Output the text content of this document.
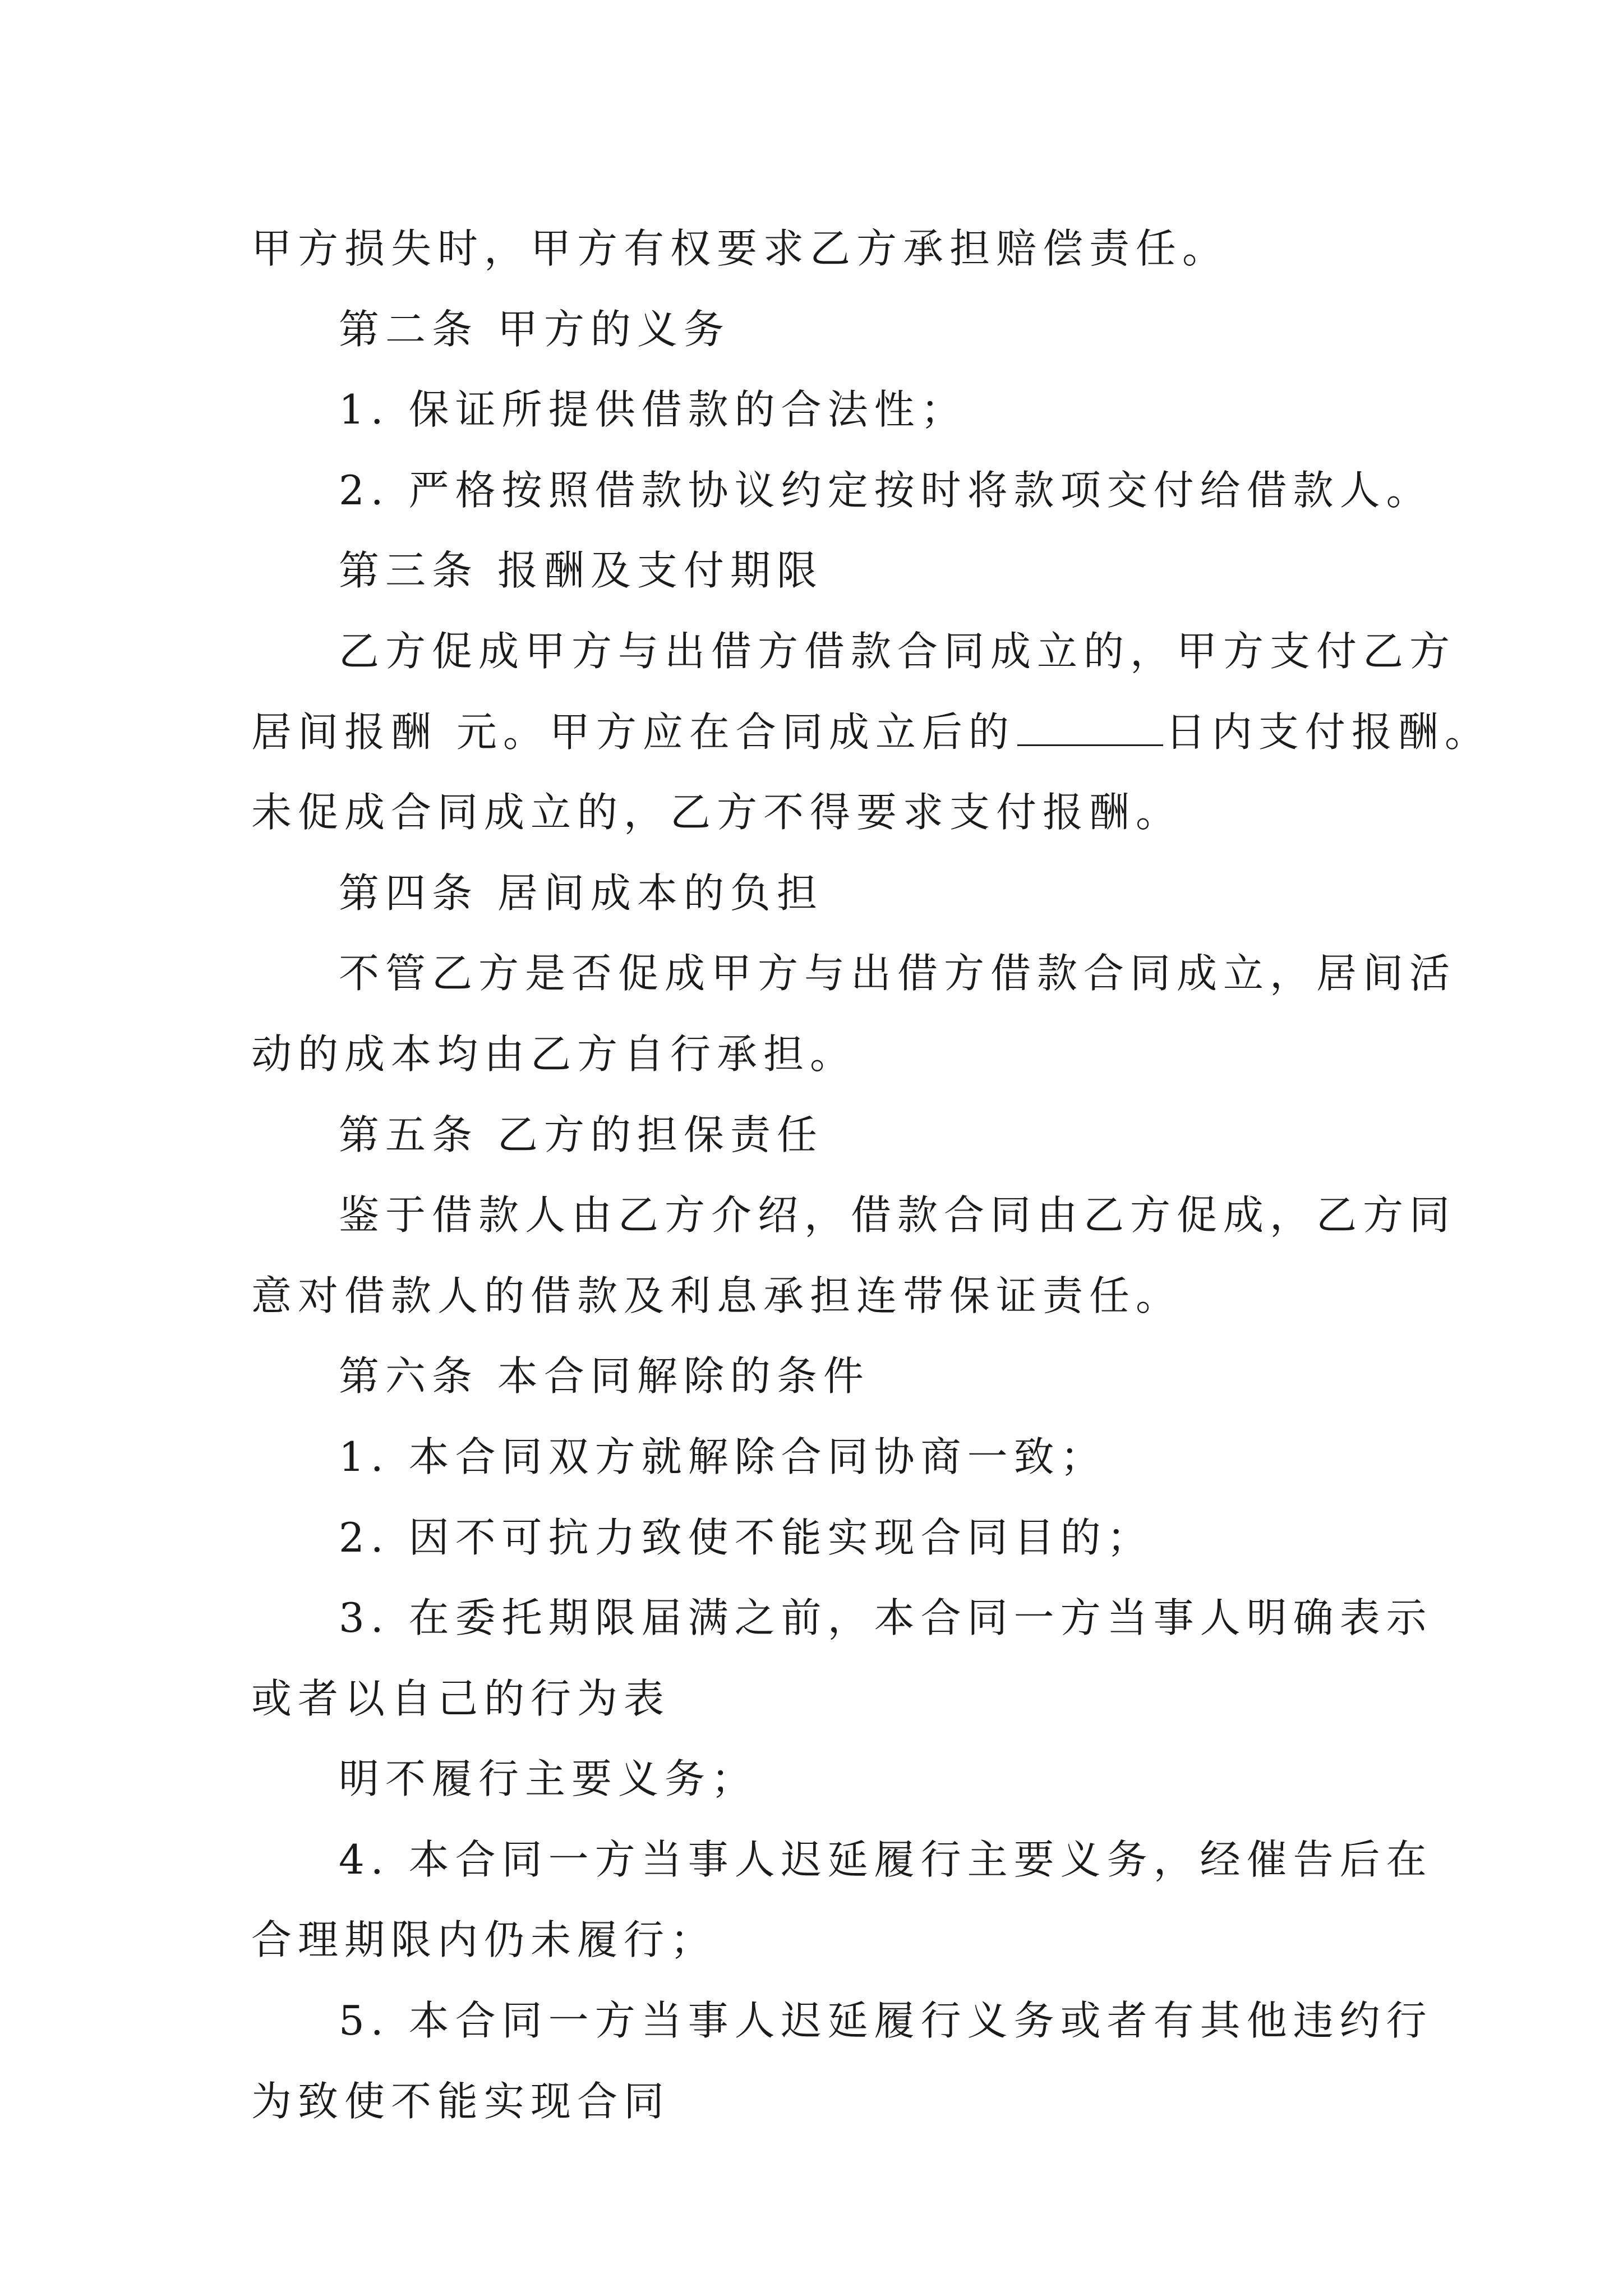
甲方损失时，甲方有权要求乙方承担赔偿责任。
第二条 甲方的义务
1. 保证所提供借款的合法性；
2. 严格按照借款协议约定按时将款项交付给借款人。
第三条 报酬及支付期限
乙方促成甲方与出借方借款合同成立的，甲方支付乙方
居间报酬 元。甲方应在合同成立后的	日内支付报酬。
未促成合同成立的，乙方不得要求支付报酬。
第四条 居间成本的负担
不管乙方是否促成甲方与出借方借款合同成立，居间活
动的成本均由乙方自行承担。
第五条 乙方的担保责任
鉴于借款人由乙方介绍，借款合同由乙方促成，乙方同
意对借款人的借款及利息承担连带保证责任。
第六条 本合同解除的条件
1. 本合同双方就解除合同协商一致；
2. 因不可抗力致使不能实现合同目的；
3. 在委托期限届满之前，本合同一方当事人明确表示
或者以自己的行为表
明不履行主要义务；
4. 本合同一方当事人迟延履行主要义务，经催告后在
合理期限内仍未履行；
5. 本合同一方当事人迟延履行义务或者有其他违约行
为致使不能实现合同
